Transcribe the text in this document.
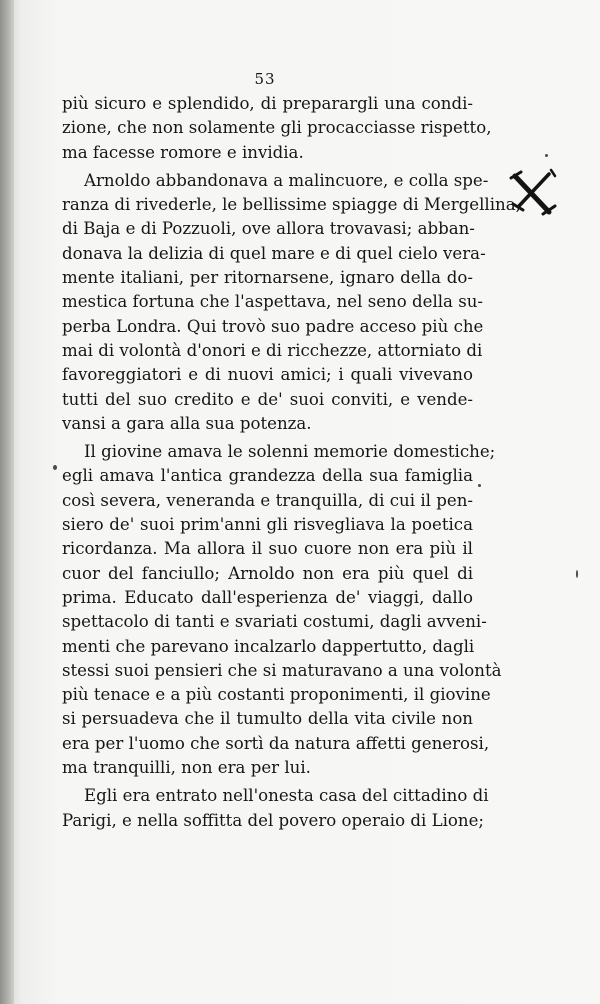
53
più sicuro e splendido, di preparargli una condi-
zione, che non solamente gli procacciasse rispetto,
ma facesse romore e invidia.
Arnoldo abbandonava a malincuore, e colla spe-
ranza di rivederle, le bellissime spiagge di Mergellina,
di Baja e di Pozzuoli, ove allora trovavasi; abban-
donava la delizia di quel mare e di quel cielo vera-
mente italiani, per ritornarsene, ignaro della do-
mestica fortuna che l'aspettava, nel seno della su-
perba Londra. Qui trovò suo padre acceso più che
mai di volontà d'onori e di ricchezze, attorniato di
favoreggiatori e di nuovi amici; i quali vivevano
tutti del suo credito e de' suoi conviti, e vende-
vansi a gara alla sua potenza.
Il giovine amava le solenni memorie domestiche;
egli amava l'antica grandezza della sua famiglia
così severa, veneranda e tranquilla, di cui il pen-
siero de' suoi prim'anni gli risvegliava la poetica
ricordanza. Ma allora il suo cuore non era più il
cuor del fanciullo; Arnoldo non era più quel di
prima. Educato dall'esperienza de' viaggi, dallo
spettacolo di tanti e svariati costumi, dagli avveni-
menti che parevano incalzarlo dappertutto, dagli
stessi suoi pensieri che si maturavano a una volontà
più tenace e a più costanti proponimenti, il giovine
si persuadeva che il tumulto della vita civile non
era per l'uomo che sortì da natura affetti generosi,
ma tranquilli, non era per lui.
Egli era entrato nell'onesta casa del cittadino di
Parigi, e nella soffitta del povero operaio di Lione;
